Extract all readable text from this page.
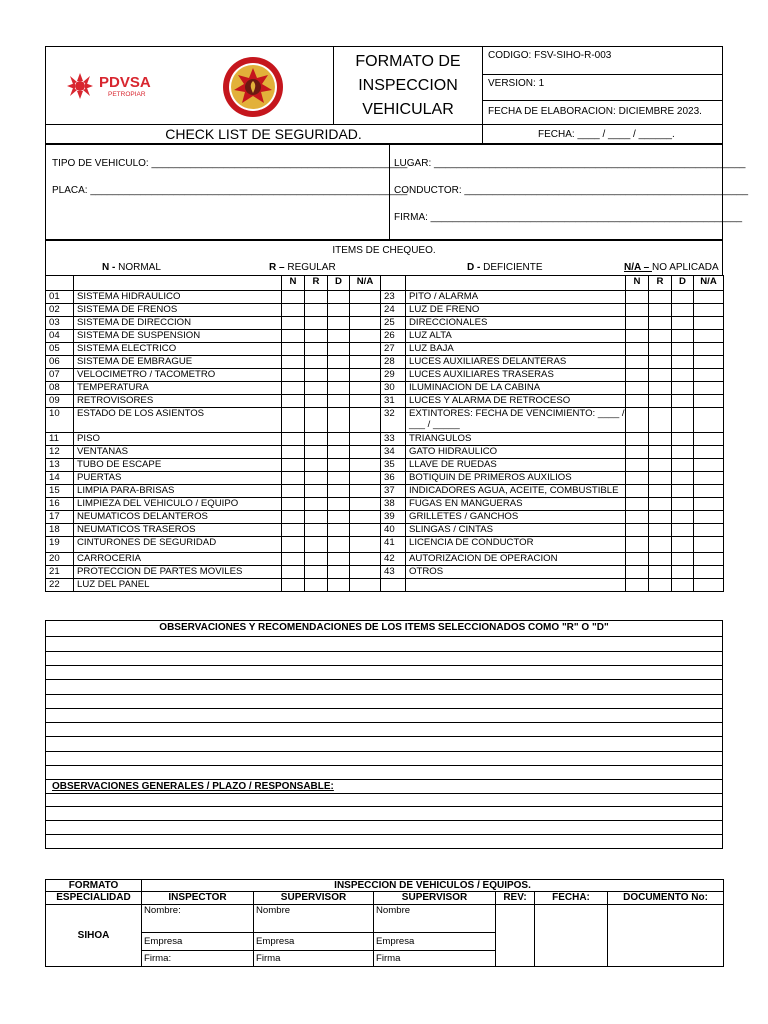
PDVSA
PETROPIAR
FORMATO DE
INSPECCION
VEHICULAR
CODIGO: FSV-SIHO-R-003
VERSION: 1
FECHA DE ELABORACION: DICIEMBRE 2023.
CHECK LIST DE SEGURIDAD.	FECHA: ____ / ____ / ______.
TIPO DE VEHICULO: ______________________________________________
PLACA: _________________________________________________________
LUGAR: ________________________________________________________
CONDUCTOR: ___________________________________________________
FIRMA: ________________________________________________________
ITEMS DE CHEQUEO.
N - NORMAL	R – REGULAR	D - DEFICIENTE	N/A – NO APLICADA
		N	R	D	N/A			N	R	D	N/A
01	SISTEMA HIDRAULICO					23	PITO / ALARMA				
02	SISTEMA DE FRENOS					24	LUZ DE FRENO				
03	SISTEMA DE DIRECCION					25	DIRECCIONALES				
04	SISTEMA DE SUSPENSION					26	LUZ ALTA				
05	SISTEMA ELECTRICO					27	LUZ BAJA				
06	SISTEMA DE EMBRAGUE					28	LUCES AUXILIARES DELANTERAS				
07	VELOCIMETRO / TACOMETRO					29	LUCES AUXILIARES TRASERAS				
08	TEMPERATURA					30	ILUMINACION DE LA CABINA				
09	RETROVISORES					31	LUCES Y ALARMA DE RETROCESO				
10	ESTADO DE LOS ASIENTOS					32	EXTINTORES: FECHA DE VENCIMIENTO: ____ /
___ / _____				
11	PISO					33	TRIANGULOS				
12	VENTANAS					34	GATO HIDRAULICO				
13	TUBO DE ESCAPE					35	LLAVE DE RUEDAS				
14	PUERTAS					36	BOTIQUIN DE PRIMEROS AUXILIOS				
15	LIMPIA PARA-BRISAS					37	INDICADORES AGUA, ACEITE, COMBUSTIBLE				
16	LIMPIEZA DEL VEHICULO / EQUIPO					38	FUGAS EN MANGUERAS				
17	NEUMATICOS DELANTEROS					39	GRILLETES / GANCHOS				
18	NEUMATICOS TRASEROS					40	SLINGAS / CINTAS				
19	CINTURONES DE SEGURIDAD					41	LICENCIA DE CONDUCTOR				
20	CARROCERIA					42	AUTORIZACION DE OPERACION				
21	PROTECCION DE PARTES MOVILES					43	OTROS				
22	LUZ DEL PANEL										
OBSERVACIONES Y RECOMENDACIONES DE LOS ITEMS SELECCIONADOS COMO "R" O "D"
OBSERVACIONES GENERALES / PLAZO / RESPONSABLE:
FORMATO	INSPECCION DE VEHICULOS / EQUIPOS.					
ESPECIALIDAD	INSPECTOR	SUPERVISOR	SUPERVISOR	REV:	FECHA:	DOCUMENTO No:
SIHOA	Nombre:	Nombre	Nombre			
	Empresa	Empresa	Empresa			
	Firma:	Firma	Firma			
